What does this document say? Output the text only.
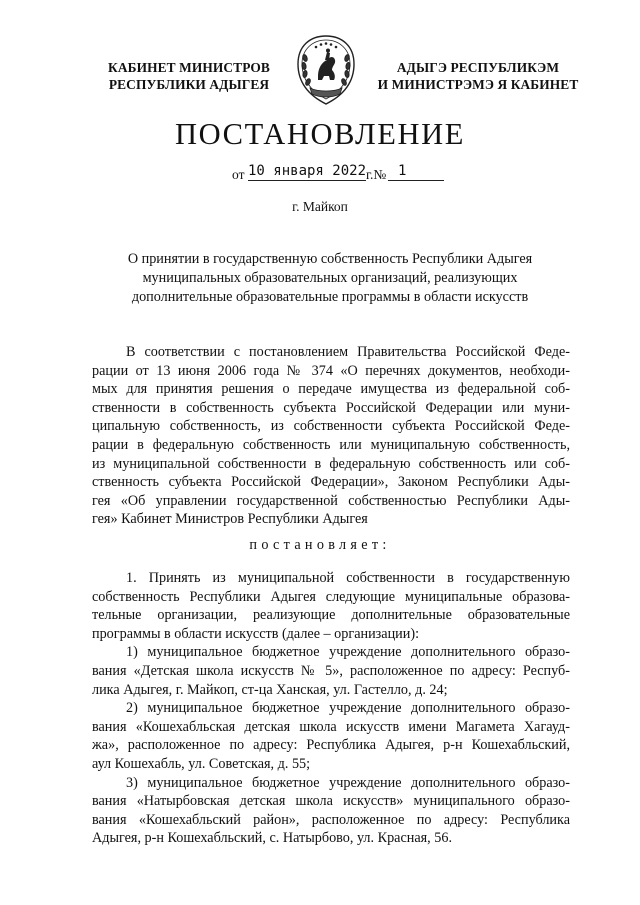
КАБИНЕТ МИНИСТРОВ
РЕСПУБЛИКИ АДЫГЕЯ
АДЫГЭ РЕСПУБЛИКЭМ
И МИНИСТРЭМЭ Я КАБИНЕТ
ПОСТАНОВЛЕНИЕ
от 10 января 2022 г.№ 1
г. Майкоп
О принятии в государственную собственность Республики Адыгея
муниципальных образовательных организаций, реализующих
дополнительные образовательные программы в области искусств
В соответствии с постановлением Правительства Российской Феде-
рации от 13 июня 2006 года № 374 «О перечнях документов, необходи-
мых для принятия решения о передаче имущества из федеральной соб-
ственности в собственность субъекта Российской Федерации или муни-
ципальную собственность, из собственности субъекта Российской Феде-
рации в федеральную собственность или муниципальную собственность,
из муниципальной собственности в федеральную собственность или соб-
ственность субъекта Российской Федерации», Законом Республики Ады-
гея «Об управлении государственной собственностью Республики Ады-
гея» Кабинет Министров Республики Адыгея
постановляет:
1. Принять из муниципальной собственности в государственную
собственность Республики Адыгея следующие муниципальные образова-
тельные организации, реализующие дополнительные образовательные
программы в области искусств (далее – организации):
1) муниципальное бюджетное учреждение дополнительного образо-
вания «Детская школа искусств № 5», расположенное по адресу: Респуб-
лика Адыгея, г. Майкоп, ст-ца Ханская, ул. Гастелло, д. 24;
2) муниципальное бюджетное учреждение дополнительного образо-
вания «Кошехабльская детская школа искусств имени Магамета Хагауд-
жа», расположенное по адресу: Республика Адыгея, р-н Кошехабльский,
аул Кошехабль, ул. Советская, д. 55;
3) муниципальное бюджетное учреждение дополнительного образо-
вания «Натырбовская детская школа искусств» муниципального образо-
вания «Кошехабльский район», расположенное по адресу: Республика
Адыгея, р-н Кошехабльский, с. Натырбово, ул. Красная, 56.
